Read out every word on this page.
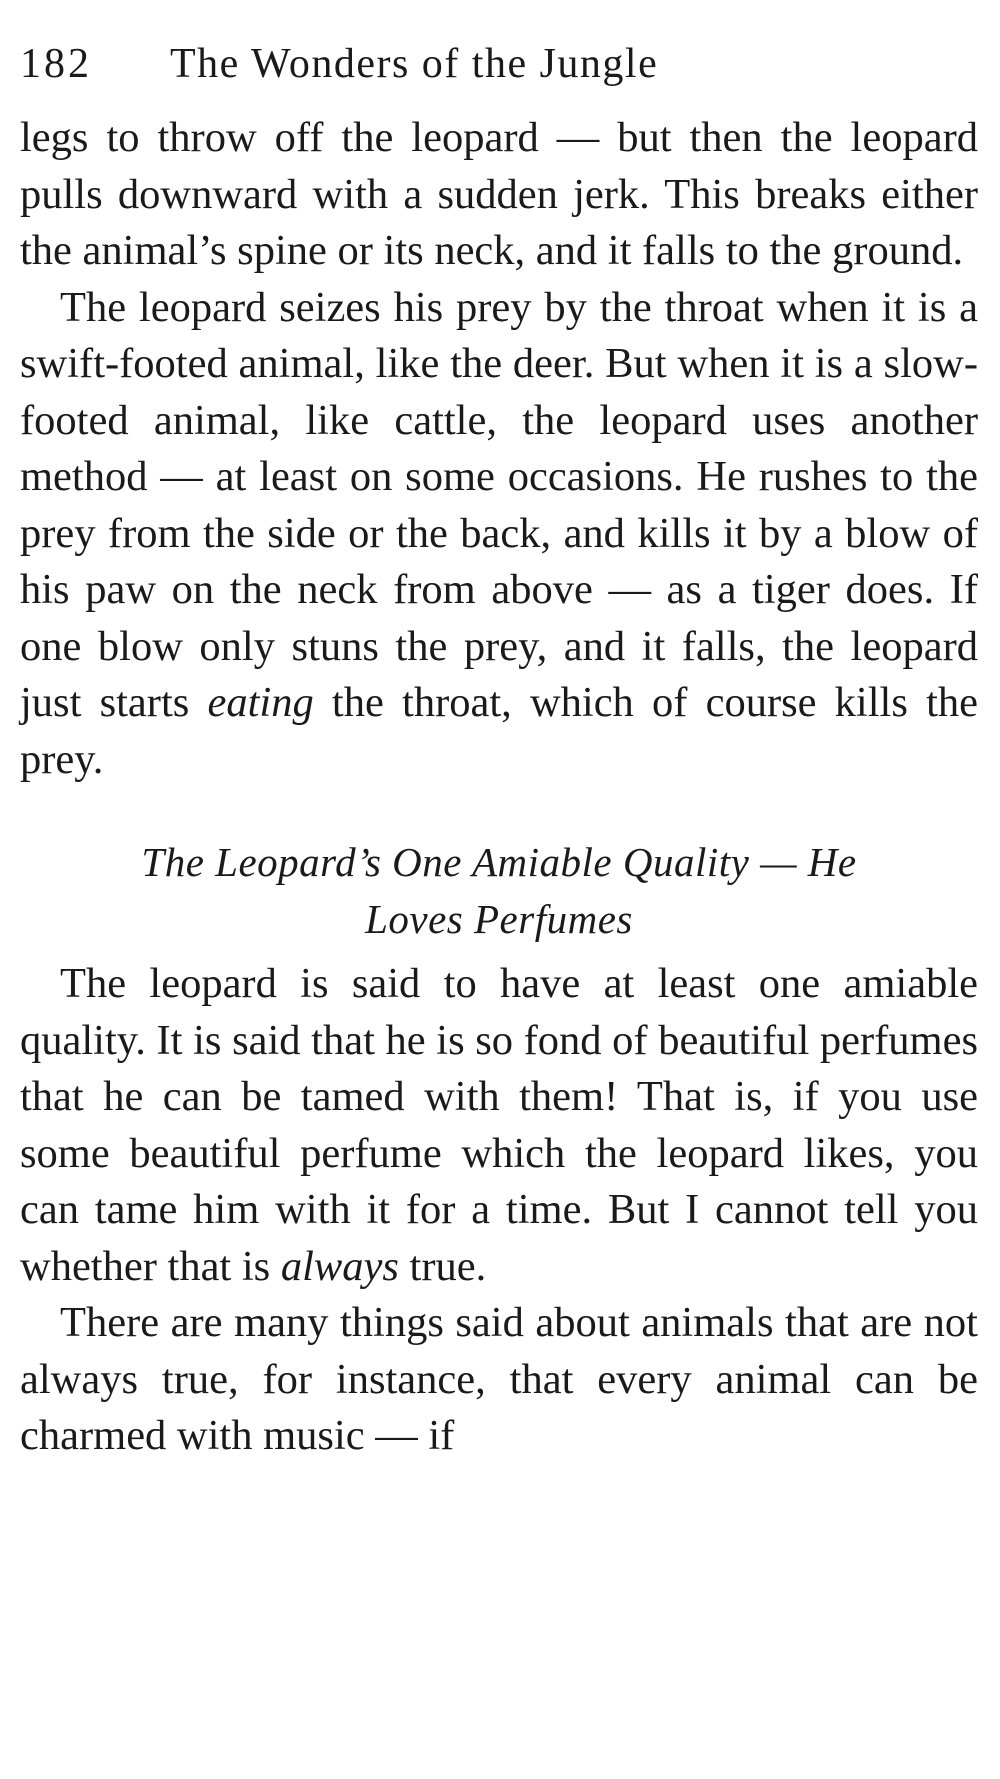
182	The Wonders of the Jungle

legs to throw off the leopard — but then the leopard pulls downward with a sudden jerk. This breaks either the animal’s spine or its neck, and it falls to the ground.

The leopard seizes his prey by the throat when it is a swift-footed animal, like the deer. But when it is a slow-footed animal, like cattle, the leopard uses another method — at least on some occasions. He rushes to the prey from the side or the back, and kills it by a blow of his paw on the neck from above — as a tiger does. If one blow only stuns the prey, and it falls, the leopard just starts eating the throat, which of course kills the prey.

The Leopard’s One Amiable Quality — He
Loves Perfumes

The leopard is said to have at least one amiable quality. It is said that he is so fond of beautiful perfumes that he can be tamed with them! That is, if you use some beautiful perfume which the leopard likes, you can tame him with it for a time. But I cannot tell you whether that is always true.

There are many things said about animals that are not always true, for instance, that every animal can be charmed with music — if
